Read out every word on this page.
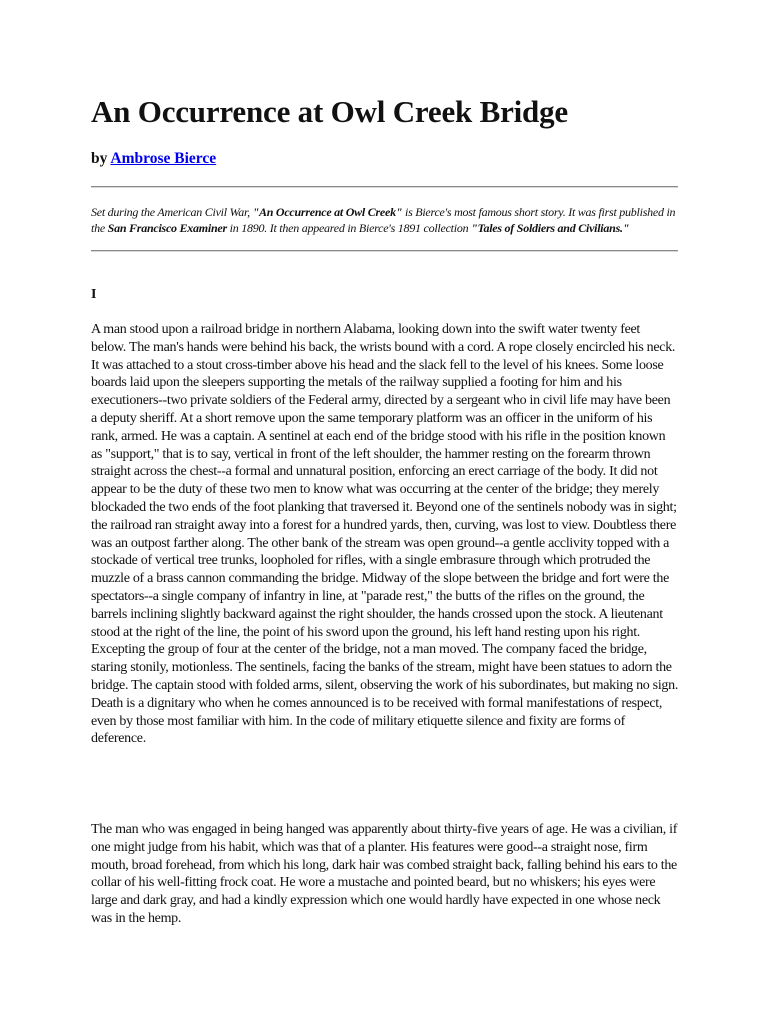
An Occurrence at Owl Creek Bridge

by Ambrose Bierce

Set during the American Civil War, "An Occurrence at Owl Creek" is Bierce's most famous short story. It was first published in the San Francisco Examiner in 1890. It then appeared in Bierce's 1891 collection "Tales of Soldiers and Civilians."

I

A man stood upon a railroad bridge in northern Alabama, looking down into the swift water twenty feet below. The man's hands were behind his back, the wrists bound with a cord. A rope closely encircled his neck. It was attached to a stout cross-timber above his head and the slack fell to the level of his knees. Some loose boards laid upon the sleepers supporting the metals of the railway supplied a footing for him and his executioners--two private soldiers of the Federal army, directed by a sergeant who in civil life may have been a deputy sheriff. At a short remove upon the same temporary platform was an officer in the uniform of his rank, armed. He was a captain. A sentinel at each end of the bridge stood with his rifle in the position known as "support," that is to say, vertical in front of the left shoulder, the hammer resting on the forearm thrown straight across the chest--a formal and unnatural position, enforcing an erect carriage of the body. It did not appear to be the duty of these two men to know what was occurring at the center of the bridge; they merely blockaded the two ends of the foot planking that traversed it. Beyond one of the sentinels nobody was in sight; the railroad ran straight away into a forest for a hundred yards, then, curving, was lost to view. Doubtless there was an outpost farther along. The other bank of the stream was open ground--a gentle acclivity topped with a stockade of vertical tree trunks, loopholed for rifles, with a single embrasure through which protruded the muzzle of a brass cannon commanding the bridge. Midway of the slope between the bridge and fort were the spectators--a single company of infantry in line, at "parade rest," the butts of the rifles on the ground, the barrels inclining slightly backward against the right shoulder, the hands crossed upon the stock. A lieutenant stood at the right of the line, the point of his sword upon the ground, his left hand resting upon his right. Excepting the group of four at the center of the bridge, not a man moved. The company faced the bridge, staring stonily, motionless. The sentinels, facing the banks of the stream, might have been statues to adorn the bridge. The captain stood with folded arms, silent, observing the work of his subordinates, but making no sign. Death is a dignitary who when he comes announced is to be received with formal manifestations of respect, even by those most familiar with him. In the code of military etiquette silence and fixity are forms of deference.

The man who was engaged in being hanged was apparently about thirty-five years of age. He was a civilian, if one might judge from his habit, which was that of a planter. His features were good--a straight nose, firm mouth, broad forehead, from which his long, dark hair was combed straight back, falling behind his ears to the collar of his well-fitting frock coat. He wore a mustache and pointed beard, but no whiskers; his eyes were large and dark gray, and had a kindly expression which one would hardly have expected in one whose neck was in the hemp.
